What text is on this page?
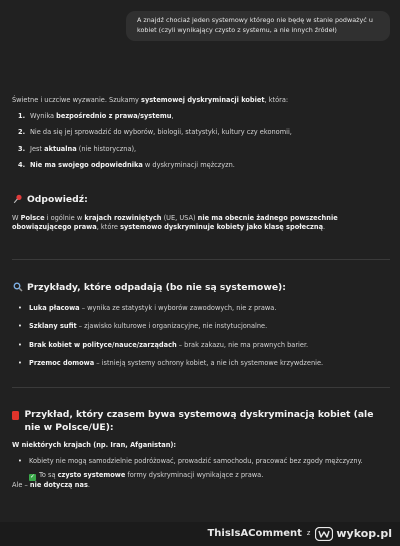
A znajdź chociaż jeden systemowy którego nie będę w stanie podważyć u kobiet (czyli wynikający czysto z systemu, a nie innych źródeł)

Świetne i uczciwe wyzwanie. Szukamy systemowej dyskryminacji kobiet, która:

1. Wynika bezpośrednio z prawa/systemu,
2. Nie da się jej sprowadzić do wyborów, biologii, statystyki, kultury czy ekonomii,
3. Jest aktualna (nie historyczna),
4. Nie ma swojego odpowiednika w dyskryminacji mężczyzn.
Odpowiedź:

W Polsce i ogólnie w krajach rozwiniętych (UE, USA) nie ma obecnie żadnego powszechnie obowiązującego prawa, które systemowo dyskryminuje kobiety jako klasę społeczną.

Przykłady, które odpadają (bo nie są systemowe):
•	Luka płacowa – wynika ze statystyk i wyborów zawodowych, nie z prawa.
•	Szklany sufit – zjawisko kulturowe i organizacyjne, nie instytucjonalne.
•	Brak kobiet w polityce/nauce/zarządach – brak zakazu, nie ma prawnych barier.
•	Przemoc domowa – istnieją systemy ochrony kobiet, a nie ich systemowe krzywdzenie.
Przykład, który czasem bywa systemową dyskryminacją kobiet (ale nie w Polsce/UE):

W niektórych krajach (np. Iran, Afganistan):

•	Kobiety nie mogą samodzielnie podróżować, prowadzić samochodu, pracować bez zgody mężczyzny.

✓ To są czysto systemowe formy dyskryminacji wynikające z prawa.

Ale – nie dotyczą nas.

ThisIsAComment z wykop.pl
